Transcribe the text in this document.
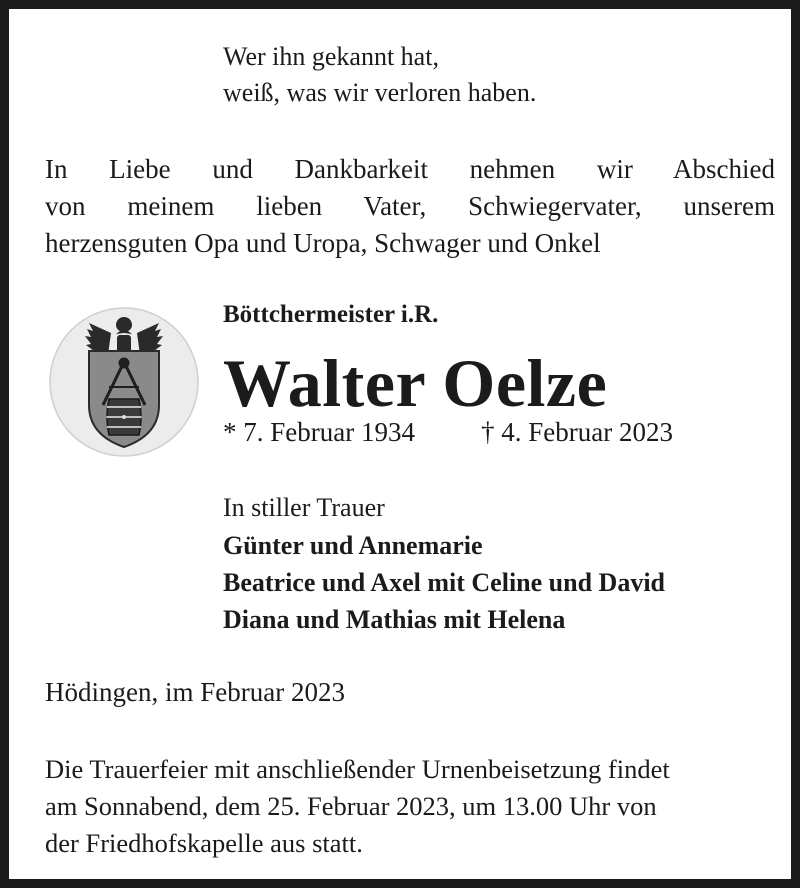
Wer ihn gekannt hat,

weiß, was wir verloren haben.

In Liebe und Dankbarkeit nehmen wir Abschied
von meinem lieben Vater, Schwiegervater, unserem
herzensguten Opa und Uropa, Schwager und Onkel

Böttchermeister i.R.

Walter Oelze

* 7. Februar 1934 † 4. Februar 2023

In stiller Trauer

Günter und Annemarie

Beatrice und Axel mit Celine und David

Diana und Mathias mit Helena

Hödingen, im Februar 2023

Die Trauerfeier mit anschließender Urnenbeisetzung findet

am Sonnabend, dem 25. Februar 2023, um 13.00 Uhr von

der Friedhofskapelle aus statt.
